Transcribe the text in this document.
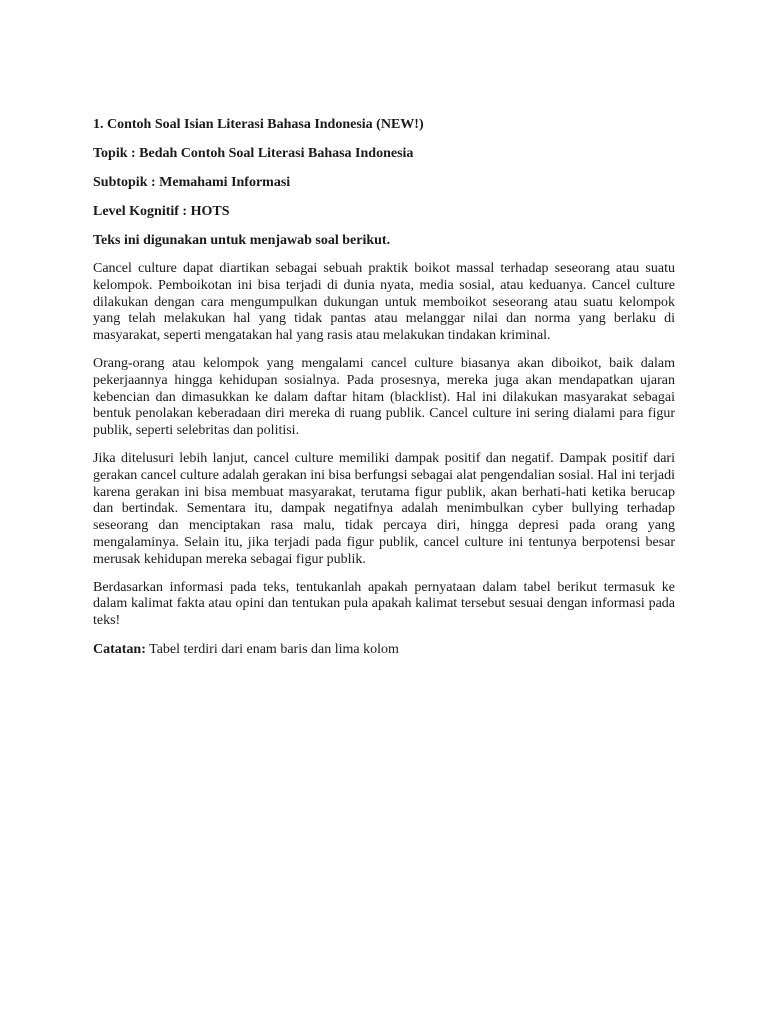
1. Contoh Soal Isian Literasi Bahasa Indonesia (NEW!)

Topik : Bedah Contoh Soal Literasi Bahasa Indonesia

Subtopik : Memahami Informasi

Level Kognitif : HOTS

Teks ini digunakan untuk menjawab soal berikut.

Cancel culture dapat diartikan sebagai sebuah praktik boikot massal terhadap seseorang atau suatu kelompok. Pemboikotan ini bisa terjadi di dunia nyata, media sosial, atau keduanya. Cancel culture dilakukan dengan cara mengumpulkan dukungan untuk memboikot seseorang atau suatu kelompok yang telah melakukan hal yang tidak pantas atau melanggar nilai dan norma yang berlaku di masyarakat, seperti mengatakan hal yang rasis atau melakukan tindakan kriminal.

Orang-orang atau kelompok yang mengalami cancel culture biasanya akan diboikot, baik dalam pekerjaannya hingga kehidupan sosialnya. Pada prosesnya, mereka juga akan mendapatkan ujaran kebencian dan dimasukkan ke dalam daftar hitam (blacklist). Hal ini dilakukan masyarakat sebagai bentuk penolakan keberadaan diri mereka di ruang publik. Cancel culture ini sering dialami para figur publik, seperti selebritas dan politisi.

Jika ditelusuri lebih lanjut, cancel culture memiliki dampak positif dan negatif. Dampak positif dari gerakan cancel culture adalah gerakan ini bisa berfungsi sebagai alat pengendalian sosial. Hal ini terjadi karena gerakan ini bisa membuat masyarakat, terutama figur publik, akan berhati-hati ketika berucap dan bertindak. Sementara itu, dampak negatifnya adalah menimbulkan cyber bullying terhadap seseorang dan menciptakan rasa malu, tidak percaya diri, hingga depresi pada orang yang mengalaminya. Selain itu, jika terjadi pada figur publik, cancel culture ini tentunya berpotensi besar merusak kehidupan mereka sebagai figur publik.

Berdasarkan informasi pada teks, tentukanlah apakah pernyataan dalam tabel berikut termasuk ke dalam kalimat fakta atau opini dan tentukan pula apakah kalimat tersebut sesuai dengan informasi pada teks!

Catatan: Tabel terdiri dari enam baris dan lima kolom
